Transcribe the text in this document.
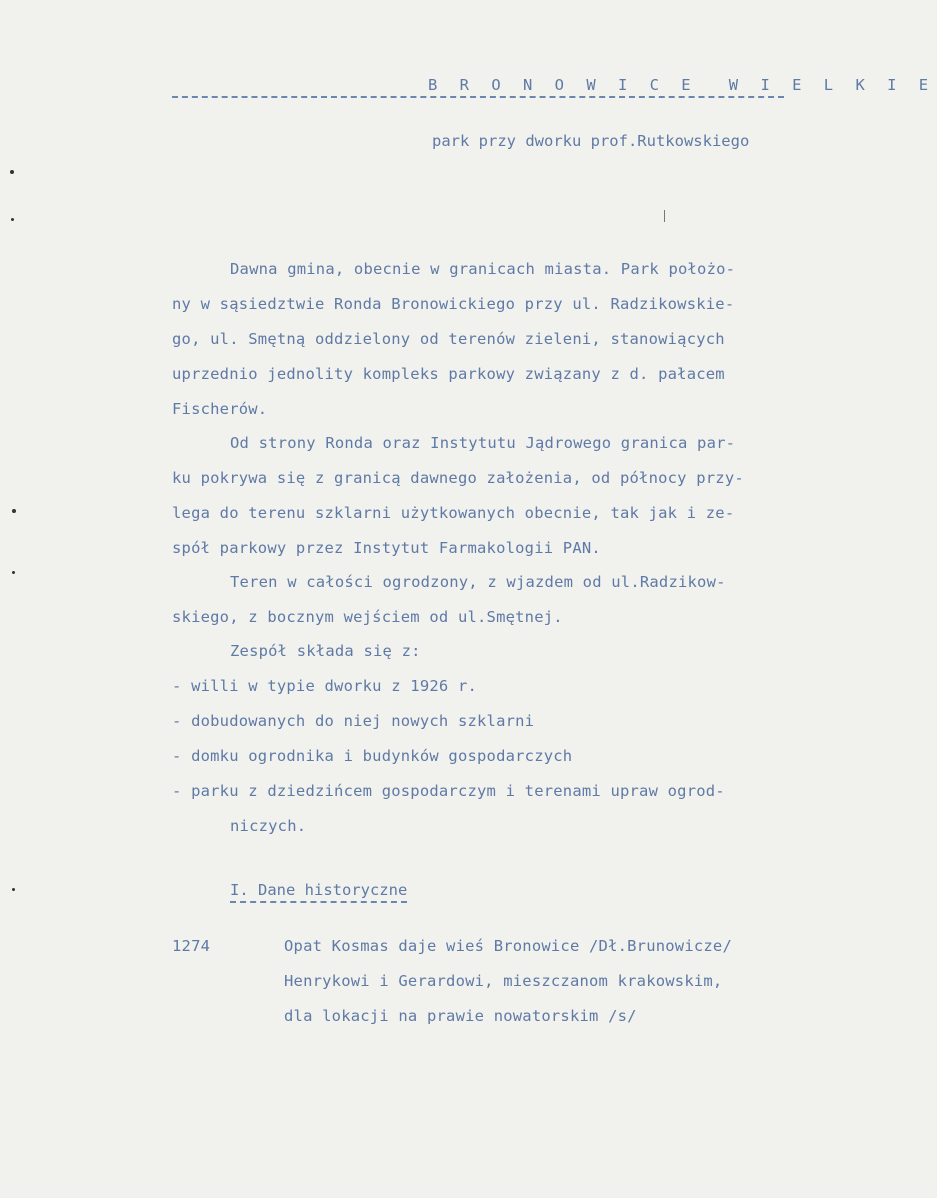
B R O N O W I C E  W I E L K I E
park przy dworku prof.Rutkowskiego
Dawna gmina, obecnie w granicach miasta. Park położo-
ny w sąsiedztwie Ronda Bronowickiego przy ul. Radzikowskie-
go, ul. Smętną oddzielony od terenów zieleni, stanowiących
uprzednio jednolity kompleks parkowy związany z d. pałacem
Fischerów.
Od strony Ronda oraz Instytutu Jądrowego granica par-
ku pokrywa się z granicą dawnego założenia, od północy przy-
lega do terenu szklarni użytkowanych obecnie, tak jak i ze-
spół parkowy przez Instytut Farmakologii PAN.
Teren w całości ogrodzony, z wjazdem od ul.Radzikow-
skiego, z bocznym wejściem od ul.Smętnej.
Zespół składa się z:
- willi w typie dworku z 1926 r.
- dobudowanych do niej nowych szklarni
- domku ogrodnika i budynków gospodarczych
- parku z dziedzińcem gospodarczym i terenami upraw ogrod-
niczych.
I. Dane historyczne
1274	Opat Kosmas daje wieś Bronowice /Dł.Brunowicze/
Henrykowi i Gerardowi, mieszczanom krakowskim,
dla lokacji na prawie nowatorskim /s/
